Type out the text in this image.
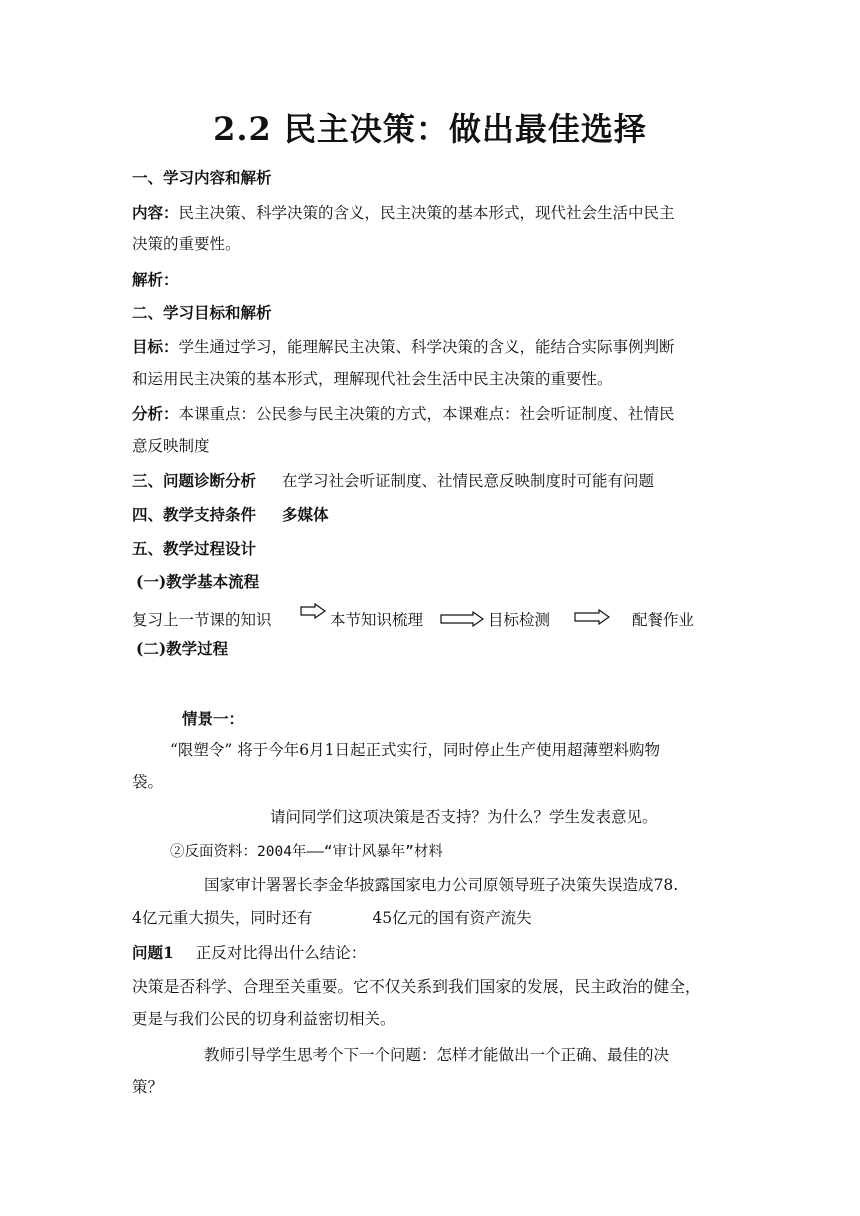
2.2 民主决策：做出最佳选择
一、学习内容和解析
内容：民主决策、科学决策的含义，民主决策的基本形式，现代社会生活中民主
决策的重要性。
解析：
二、学习目标和解析
目标：学生通过学习，能理解民主决策、科学决策的含义，能结合实际事例判断
和运用民主决策的基本形式，理解现代社会生活中民主决策的重要性。
分析：本课重点：公民参与民主决策的方式，本课难点：社会听证制度、社情民
意反映制度
三、问题诊断分析 在学习社会听证制度、社情民意反映制度时可能有问题
四、教学支持条件 多媒体
五、教学过程设计
(一)教学基本流程
复习上一节课的知识	本节知识梳理	目标检测	配餐作业
(二)教学过程
情景一：
“限塑令” 将于今年6月1日起正式实行，同时停止生产使用超薄塑料购物
袋。
请问同学们这项决策是否支持？为什么？学生发表意见。
②反面资料：2004年——“审计风暴年”材料
国家审计署署长李金华披露国家电力公司原领导班子决策失误造成78.
4亿元重大损失，同时还有	45亿元的国有资产流失
问题1 正反对比得出什么结论：
决策是否科学、合理至关重要。它不仅关系到我们国家的发展，民主政治的健全，
更是与我们公民的切身利益密切相关。
教师引导学生思考个下一个问题：怎样才能做出一个正确、最佳的决
策？
